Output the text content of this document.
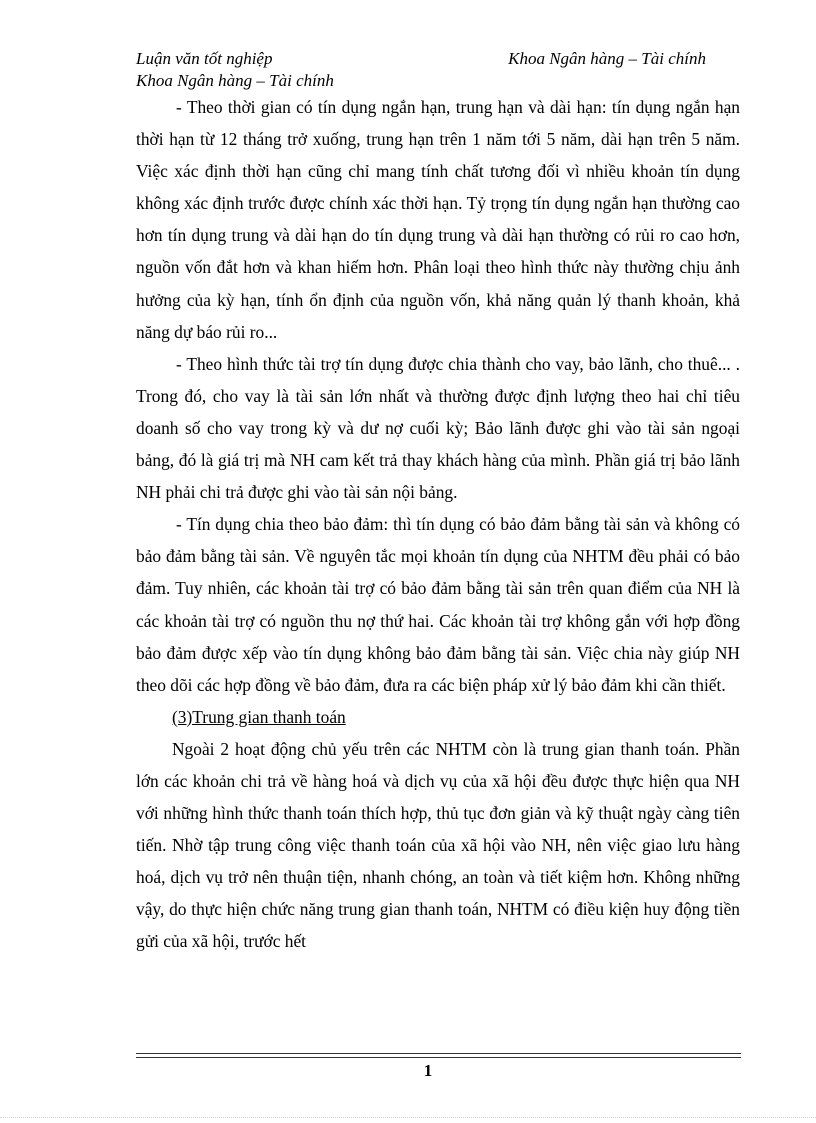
Luận văn tốt nghiệp	Khoa Ngân hàng – Tài chính
Khoa Ngân hàng – Tài chính

- Theo thời gian có tín dụng ngắn hạn, trung hạn và dài hạn: tín dụng ngắn hạn thời hạn từ 12 tháng trở xuống, trung hạn trên 1 năm tới 5 năm, dài hạn trên 5 năm. Việc xác định thời hạn cũng chỉ mang tính chất tương đối vì nhiều khoản tín dụng không xác định trước được chính xác thời hạn. Tỷ trọng tín dụng ngắn hạn thường cao hơn tín dụng trung và dài hạn do tín dụng trung và dài hạn thường có rủi ro cao hơn, nguồn vốn đắt hơn và khan hiếm hơn. Phân loại theo hình thức này thường chịu ảnh hưởng của kỳ hạn, tính ổn định của nguồn vốn, khả năng quản lý thanh khoản, khả năng dự báo rủi ro...

- Theo hình thức tài trợ tín dụng được chia thành cho vay, bảo lãnh, cho thuê... . Trong đó, cho vay là tài sản lớn nhất và thường được định lượng theo hai chỉ tiêu doanh số cho vay trong kỳ và dư nợ cuối kỳ; Bảo lãnh được ghi vào tài sản ngoại bảng, đó là giá trị mà NH cam kết trả thay khách hàng của mình. Phần giá trị bảo lãnh NH phải chi trả được ghi vào tài sản nội bảng.

- Tín dụng chia theo bảo đảm: thì tín dụng có bảo đảm bằng tài sản và không có bảo đảm bằng tài sản. Về nguyên tắc mọi khoản tín dụng của NHTM đều phải có bảo đảm. Tuy nhiên, các khoản tài trợ có bảo đảm bằng tài sản trên quan điểm của NH là các khoản tài trợ có nguồn thu nợ thứ hai. Các khoản tài trợ không gắn với hợp đồng bảo đảm được xếp vào tín dụng không bảo đảm bằng tài sản. Việc chia này giúp NH theo dõi các hợp đồng về bảo đảm, đưa ra các biện pháp xử lý bảo đảm khi cần thiết.

(3)Trung gian thanh toán

Ngoài 2 hoạt động chủ yếu trên các NHTM còn là trung gian thanh toán. Phần lớn các khoản chi trả về hàng hoá và dịch vụ của xã hội đều được thực hiện qua NH với những hình thức thanh toán thích hợp, thủ tục đơn giản và kỹ thuật ngày càng tiên tiến. Nhờ tập trung công việc thanh toán của xã hội vào NH, nên việc giao lưu hàng hoá, dịch vụ trở nên thuận tiện, nhanh chóng, an toàn và tiết kiệm hơn. Không những vậy, do thực hiện chức năng trung gian thanh toán, NHTM có điều kiện huy động tiền gửi của xã hội, trước hết

1
